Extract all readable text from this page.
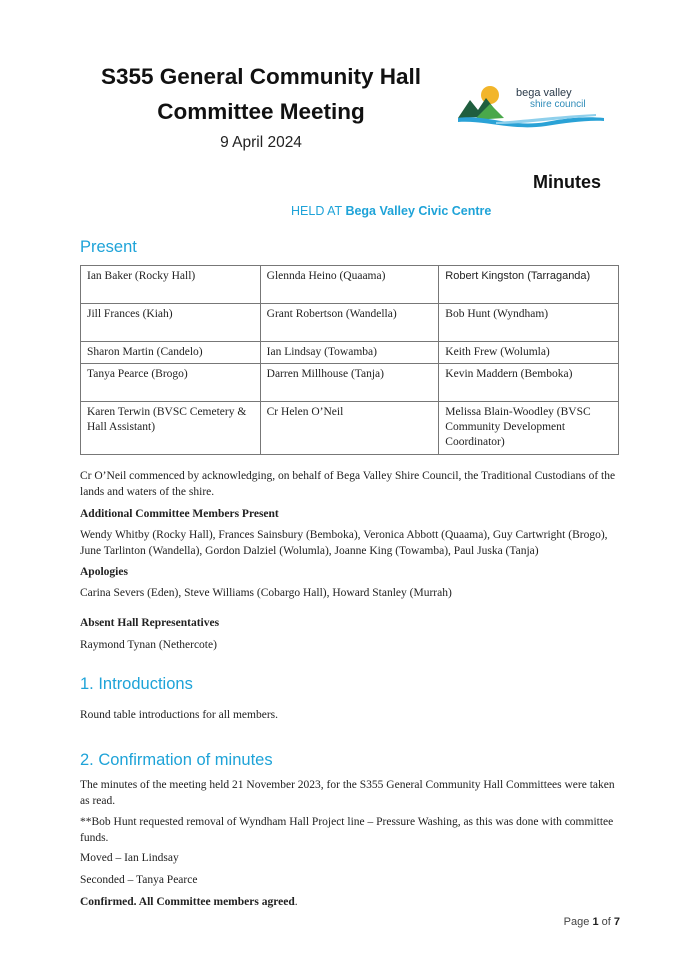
S355 General Community Hall
Committee Meeting
9 April 2024
bega valley
shire council
Minutes
HELD AT Bega Valley Civic Centre
Present
Ian Baker (Rocky Hall)	Glennda Heino (Quaama)	Robert Kingston (Tarraganda)
Jill Frances (Kiah)	Grant Robertson (Wandella)	Bob Hunt (Wyndham)
Sharon Martin (Candelo)	Ian Lindsay (Towamba)	Keith Frew (Wolumla)
Tanya Pearce (Brogo)	Darren Millhouse (Tanja)	Kevin Maddern (Bemboka)
Karen Terwin (BVSC Cemetery & Hall Assistant)	Cr Helen O’Neil	Melissa Blain-Woodley (BVSC Community Development Coordinator)
Cr O’Neil commenced by acknowledging, on behalf of Bega Valley Shire Council, the Traditional Custodians of the lands and waters of the shire.
Additional Committee Members Present
Wendy Whitby (Rocky Hall), Frances Sainsbury (Bemboka), Veronica Abbott (Quaama), Guy Cartwright (Brogo), June Tarlinton (Wandella), Gordon Dalziel (Wolumla), Joanne King (Towamba), Paul Juska (Tanja)
Apologies
Carina Severs (Eden), Steve Williams (Cobargo Hall), Howard Stanley (Murrah)
Absent Hall Representatives
Raymond Tynan (Nethercote)
1. Introductions
Round table introductions for all members.
2. Confirmation of minutes
The minutes of the meeting held 21 November 2023, for the S355 General Community Hall Committees were taken as read.
**Bob Hunt requested removal of Wyndham Hall Project line – Pressure Washing, as this was done with committee funds.
Moved – Ian Lindsay
Seconded – Tanya Pearce
Confirmed. All Committee members agreed.
Page 1 of 7
